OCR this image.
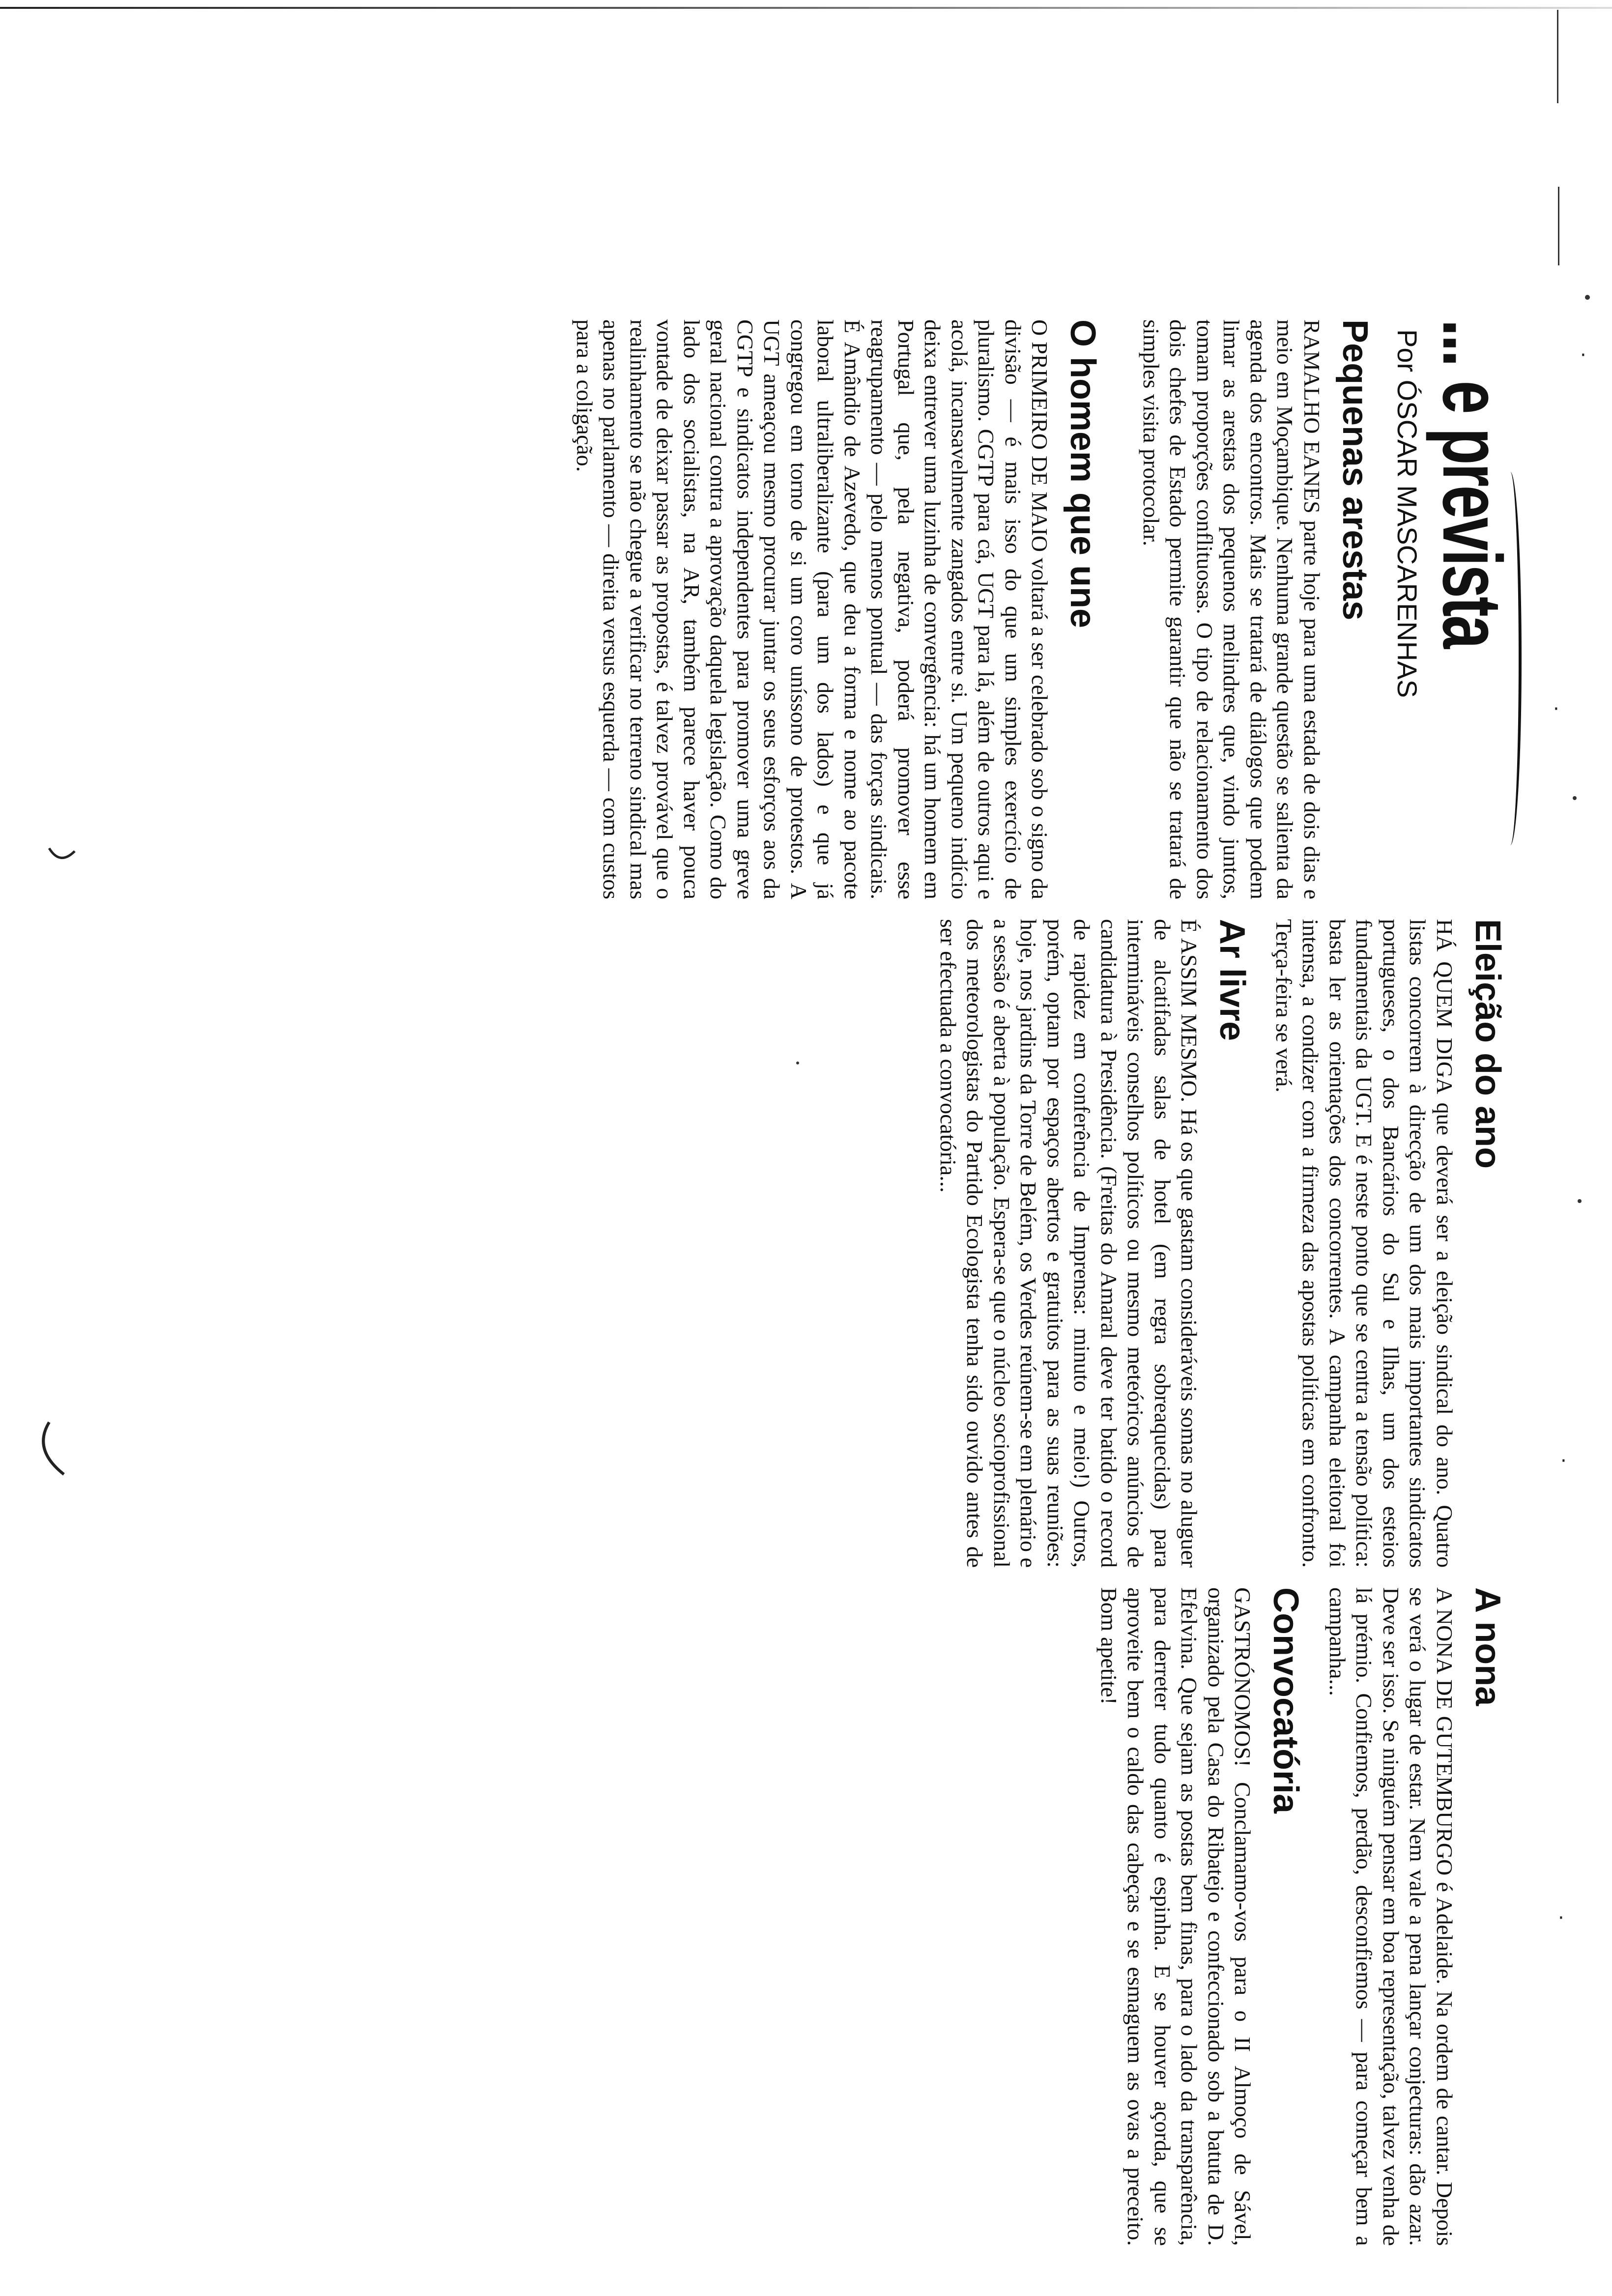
·
·
·
·
... e prevista
Por ÓSCAR MASCARENHAS
Pequenas arestas

RAMALHO EANES parte hoje para uma estada de dois dias e meio em Moçambique. Nenhuma grande questão se salienta da agenda dos encontros. Mais se tratará de diálogos que podem limar as arestas dos pequenos melindres que, vindo juntos, tomam proporções conflituosas. O tipo de relacionamento dos dois chefes de Estado permite garantir que não se tratará de simples visita protocolar.

O homem que une

O PRIMEIRO DE MAIO voltará a ser celebrado sob o signo da divisão — é mais isso do que um simples exercício de pluralismo. CGTP para cá, UGT para lá, além de outros aqui e acolá, incansavelmente zangados entre si. Um pequeno indício deixa entrever uma luzinha de convergência: há um homem em Portugal que, pela negativa, poderá promover esse reagrupamento — pelo menos pontual — das forças sindicais. É Amândio de Azevedo, que deu a forma e nome ao pacote laboral ultraliberalizante (para um dos lados) e que já congregou em torno de si um coro uníssono de protestos. A UGT ameaçou mesmo procurar juntar os seus esforços aos da CGTP e sindicatos independentes para promover uma greve geral nacional contra a aprovação daquela legislação. Como do lado dos socialistas, na AR, também parece haver pouca vontade de deixar passar as propostas, é talvez provável que o realinhamento se não chegue a verificar no terreno sindical mas apenas no parlamento — direita versus esquerda — com custos para a coligação.

Eleição do ano

HÁ QUEM DIGA que deverá ser a eleição sindical do ano. Quatro listas concorrem à direcção de um dos mais importantes sindicatos portugueses, o dos Bancários do Sul e Ilhas, um dos esteios fundamentais da UGT. E é neste ponto que se centra a tensão política: basta ler as orientações dos concorrentes. A campanha eleitoral foi intensa, a condizer com a firmeza das apostas políticas em confronto. Terça-feira se verá.

Ar livre

É ASSIM MESMO. Há os que gastam consideráveis somas no aluguer de alcatifadas salas de hotel (em regra sobreaquecidas) para intermináveis conselhos políticos ou mesmo meteóricos anúncios de candidatura à Presidência. (Freitas do Amaral deve ter batido o record de rapidez em conferência de Imprensa: minuto e meio!) Outros, porém, optam por espaços abertos e gratuitos para as suas reuniões: hoje, nos jardins da Torre de Belém, os Verdes reúnem-se em plenário e a sessão é aberta à população. Espera-se que o núcleo socioprofissional dos meteorologistas do Partido Ecologista tenha sido ouvido antes de ser efectuada a convocatória...

A nona

A NONA DE GUTEMBURGO é Adelaide. Na ordem de cantar. Depois se verá o lugar de estar. Nem vale a pena lançar conjecturas: dão azar. Deve ser isso. Se ninguém pensar em boa representação, talvez venha de lá prémio. Confiemos, perdão, desconfiemos — para começar bem a campanha...

Convocatória

GASTRÓNOMOS! Conclamamo-vos para o II Almoço de Sável, organizado pela Casa do Ribatejo e confeccionado sob a batuta de D. Efelvina. Que sejam as postas bem finas, para o lado da transparência, para derreter tudo quanto é espinha. E se houver açorda, que se aproveite bem o caldo das cabeças e se esmaguem as ovas a preceito. Bom apetite!
